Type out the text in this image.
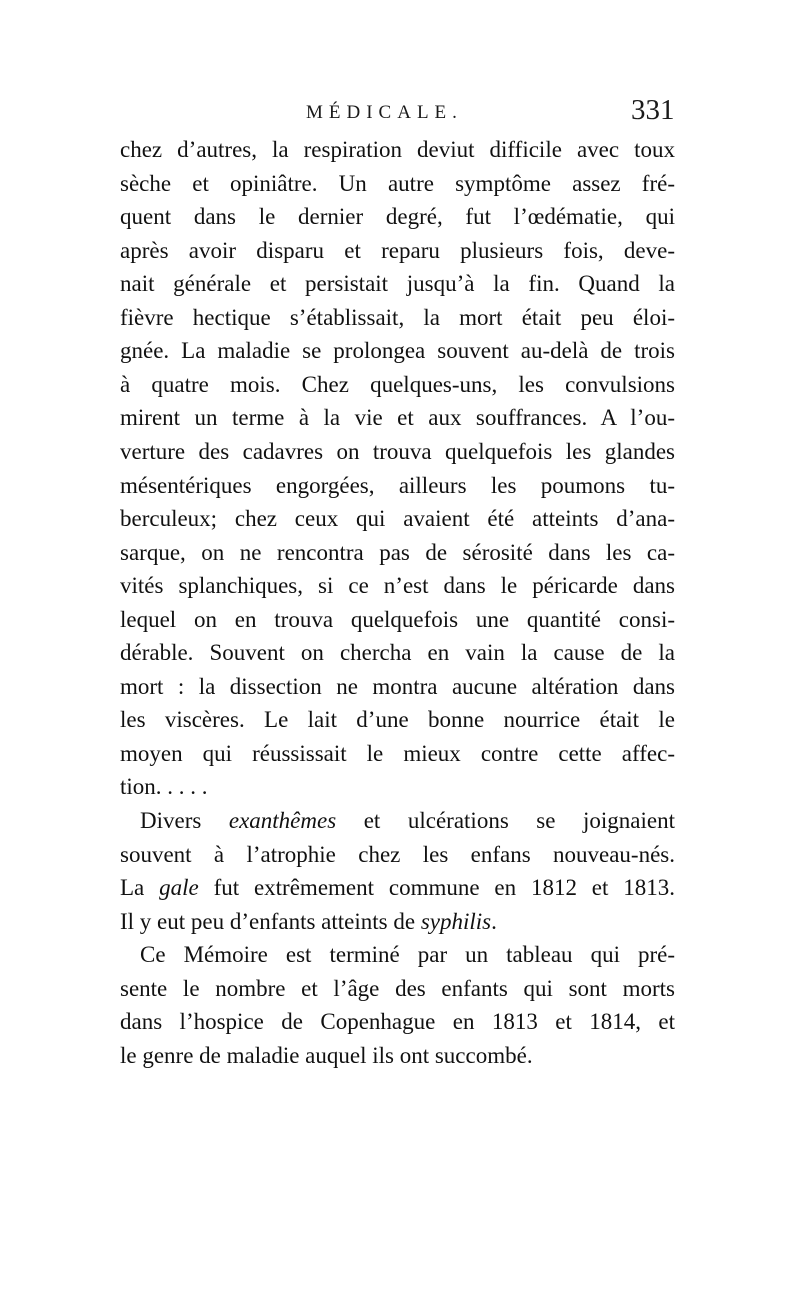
MÉDICALE.	331
chez d’autres, la respiration deviut difficile avec toux
sèche et opiniâtre. Un autre symptôme assez fré-
quent dans le dernier degré, fut l’œdématie, qui
après avoir disparu et reparu plusieurs fois, deve-
nait générale et persistait jusqu’à la fin. Quand la
fièvre hectique s’établissait, la mort était peu éloi-
gnée. La maladie se prolongea souvent au-delà de trois
à quatre mois. Chez quelques-uns, les convulsions
mirent un terme à la vie et aux souffrances. A l’ou-
verture des cadavres on trouva quelquefois les glandes
mésentériques engorgées, ailleurs les poumons tu-
berculeux; chez ceux qui avaient été atteints d’ana-
sarque, on ne rencontra pas de sérosité dans les ca-
vités splanchiques, si ce n’est dans le péricarde dans
lequel on en trouva quelquefois une quantité consi-
dérable. Souvent on chercha en vain la cause de la
mort : la dissection ne montra aucune altération dans
les viscères. Le lait d’une bonne nourrice était le
moyen qui réussissait le mieux contre cette affec-
tion. . . . .
Divers exanthêmes et ulcérations se joignaient
souvent à l’atrophie chez les enfans nouveau-nés.
La gale fut extrêmement commune en 1812 et 1813.
Il y eut peu d’enfants atteints de syphilis.
Ce Mémoire est terminé par un tableau qui pré-
sente le nombre et l’âge des enfants qui sont morts
dans l’hospice de Copenhague en 1813 et 1814, et
le genre de maladie auquel ils ont succombé.
